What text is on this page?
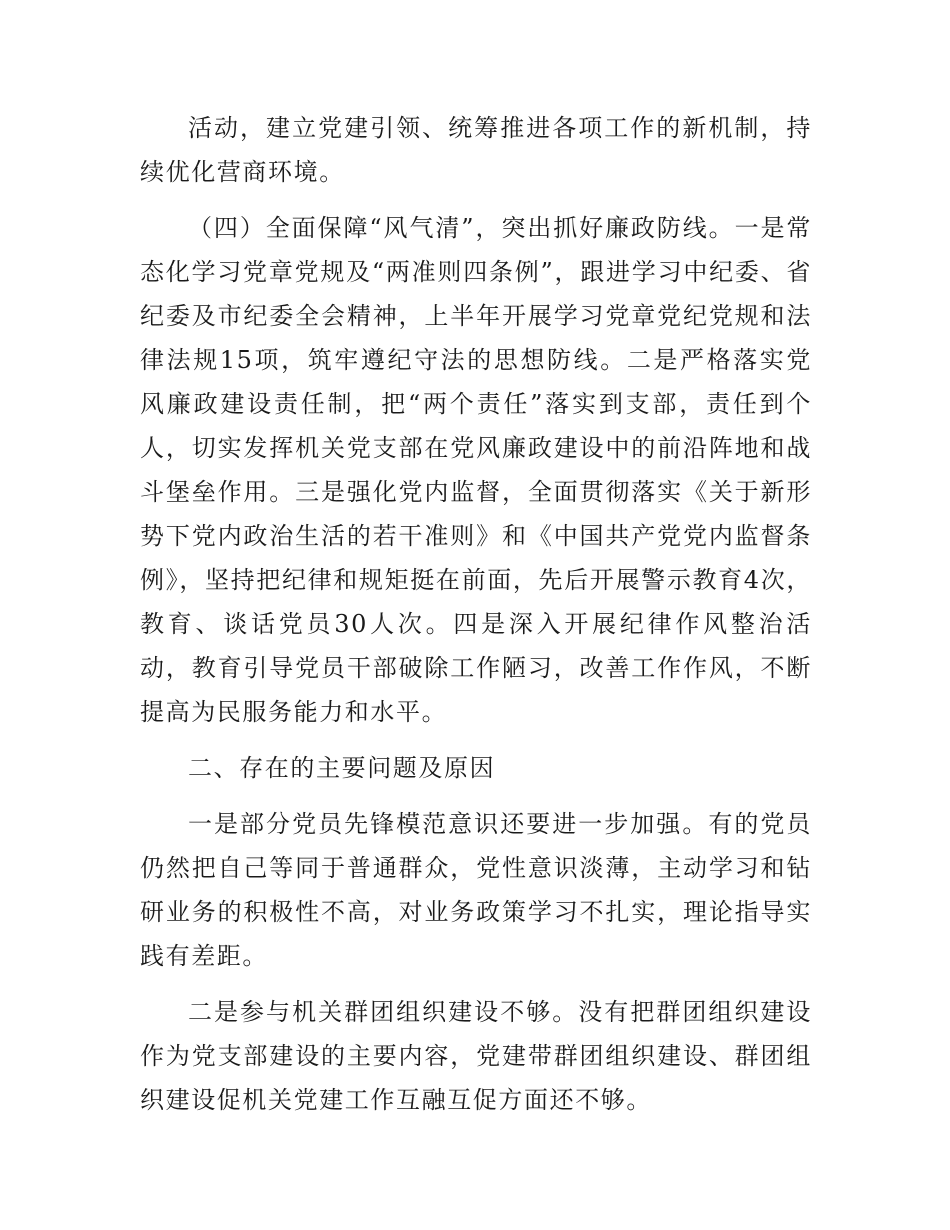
活动，建立党建引领、统筹推进各项工作的新机制，持续优化营商环境。

（四）全面保障“风气清”，突出抓好廉政防线。一是常态化学习党章党规及“两准则四条例”，跟进学习中纪委、省纪委及市纪委全会精神，上半年开展学习党章党纪党规和法律法规15项，筑牢遵纪守法的思想防线。二是严格落实党风廉政建设责任制，把“两个责任”落实到支部，责任到个人，切实发挥机关党支部在党风廉政建设中的前沿阵地和战斗堡垒作用。三是强化党内监督，全面贯彻落实《关于新形势下党内政治生活的若干准则》和《中国共产党党内监督条例》，坚持把纪律和规矩挺在前面，先后开展警示教育4次，教育、谈话党员30人次。四是深入开展纪律作风整治活动，教育引导党员干部破除工作陋习，改善工作作风，不断提高为民服务能力和水平。

二、存在的主要问题及原因

一是部分党员先锋模范意识还要进一步加强。有的党员仍然把自己等同于普通群众，党性意识淡薄，主动学习和钻研业务的积极性不高，对业务政策学习不扎实，理论指导实践有差距。

二是参与机关群团组织建设不够。没有把群团组织建设作为党支部建设的主要内容，党建带群团组织建设、群团组织建设促机关党建工作互融互促方面还不够。
